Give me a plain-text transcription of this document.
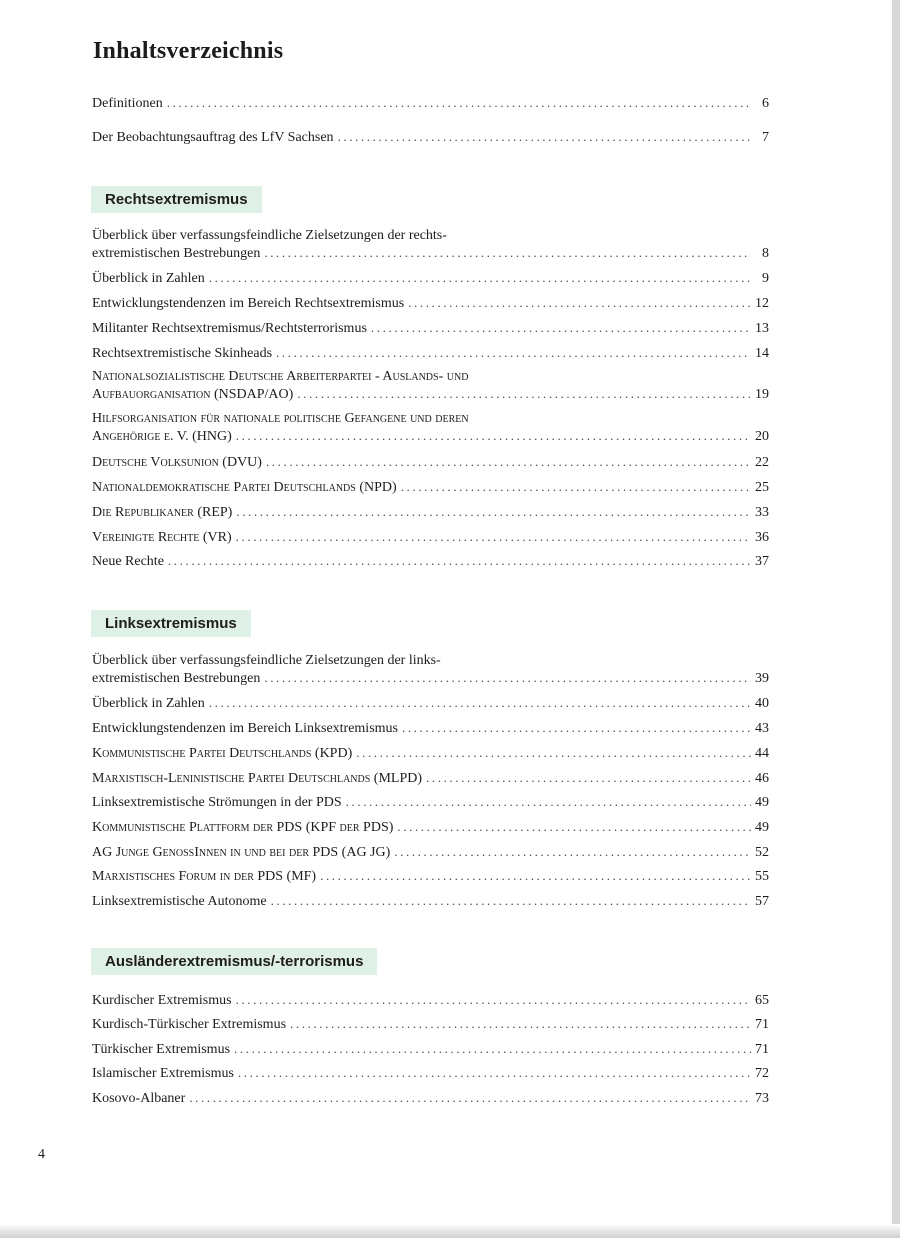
Inhaltsverzeichnis
Definitionen .....	6
Der Beobachtungsauftrag des LfV Sachsen .....	7
Rechtsextremismus
Überblick über verfassungsfeindliche Zielsetzungen der rechts-
extremistischen Bestrebungen .....	8
Überblick in Zahlen .....	9
Entwicklungstendenzen im Bereich Rechtsextremismus .....	12
Militanter Rechtsextremismus/Rechtsterrorismus .....	13
Rechtsextremistische Skinheads .....	14
Nationalsozialistische Deutsche Arbeiterpartei - Auslands- und
Aufbauorganisation (NSDAP/AO) .....	19
Hilfsorganisation für nationale politische Gefangene und deren
Angehörige e. V. (HNG) .....	20
Deutsche Volksunion (DVU) .....	22
Nationaldemokratische Partei Deutschlands (NPD) .....	25
Die Republikaner (REP) .....	33
Vereinigte Rechte (VR) .....	36
Neue Rechte .....	37
Linksextremismus
Überblick über verfassungsfeindliche Zielsetzungen der links-
extremistischen Bestrebungen .....	39
Überblick in Zahlen .....	40
Entwicklungstendenzen im Bereich Linksextremismus .....	43
Kommunistische Partei Deutschlands (KPD) .....	44
Marxistisch-Leninistische Partei Deutschlands (MLPD) .....	46
Linksextremistische Strömungen in der PDS .....	49
Kommunistische Plattform der PDS (KPF der PDS) .....	49
AG Junge GenossInnen in und bei der PDS (AG JG) .....	52
Marxistisches Forum in der PDS (MF) .....	55
Linksextremistische Autonome .....	57
Ausländerextremismus/-terrorismus
Kurdischer Extremismus .....	65
Kurdisch-Türkischer Extremismus .....	71
Türkischer Extremismus .....	71
Islamischer Extremismus .....	72
Kosovo-Albaner .....	73
4
